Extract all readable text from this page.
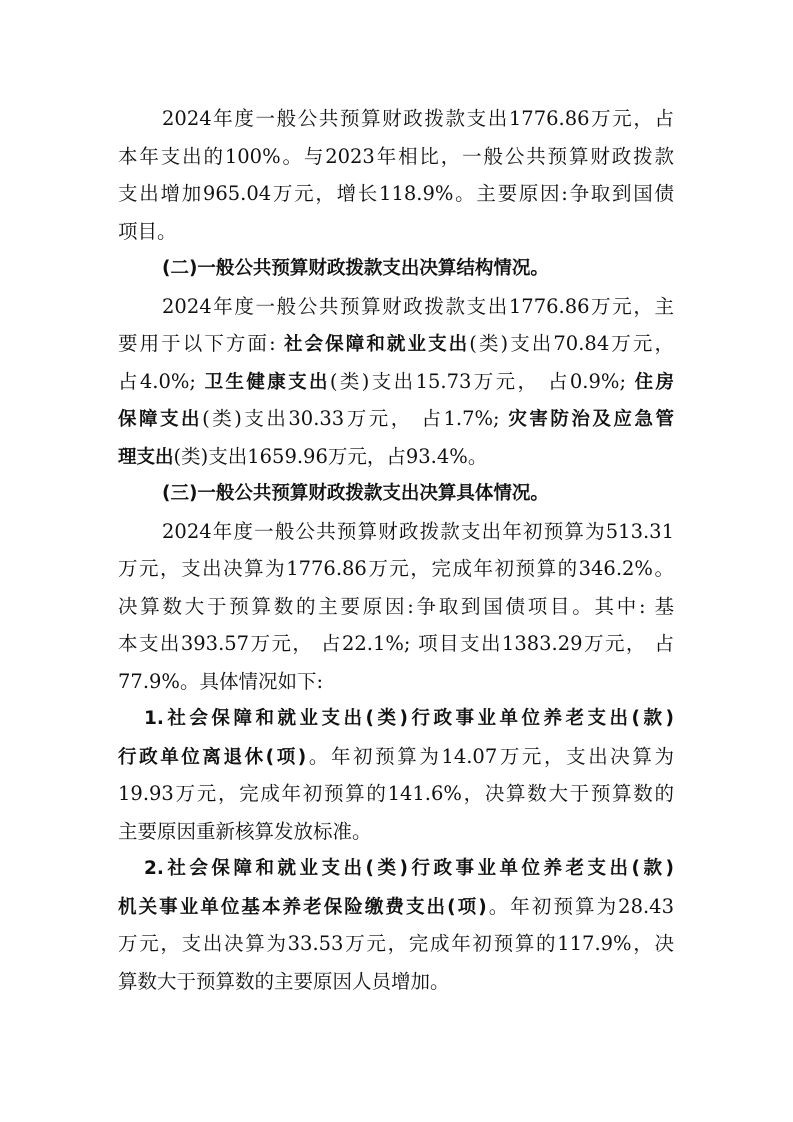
2024年度一般公共预算财政拨款支出1776.86万元，占
本年支出的100%。与2023年相比，一般公共预算财政拨款
支出增加965.04万元，增长118.9%。主要原因:争取到国债
项目。
(二)一般公共预算财政拨款支出决算结构情况。
2024年度一般公共预算财政拨款支出1776.86万元，主
要用于以下方面: 社会保障和就业支出(类)支出70.84万元，
占4.0%; 卫生健康支出(类)支出15.73万元， 占0.9%; 住房
保障支出(类)支出30.33万元， 占1.7%; 灾害防治及应急管
理支出(类)支出1659.96万元，占93.4%。
(三)一般公共预算财政拨款支出决算具体情况。
2024年度一般公共预算财政拨款支出年初预算为513.31
万元，支出决算为1776.86万元，完成年初预算的346.2%。
决算数大于预算数的主要原因:争取到国债项目。其中: 基
本支出393.57万元， 占22.1%; 项目支出1383.29万元， 占
77.9%。具体情况如下:
1.社会保障和就业支出(类)行政事业单位养老支出(款)
行政单位离退休(项)。年初预算为14.07万元，支出决算为
19.93万元，完成年初预算的141.6%，决算数大于预算数的
主要原因重新核算发放标准。
2.社会保障和就业支出(类)行政事业单位养老支出(款)
机关事业单位基本养老保险缴费支出(项)。年初预算为28.43
万元，支出决算为33.53万元，完成年初预算的117.9%，决
算数大于预算数的主要原因人员增加。
